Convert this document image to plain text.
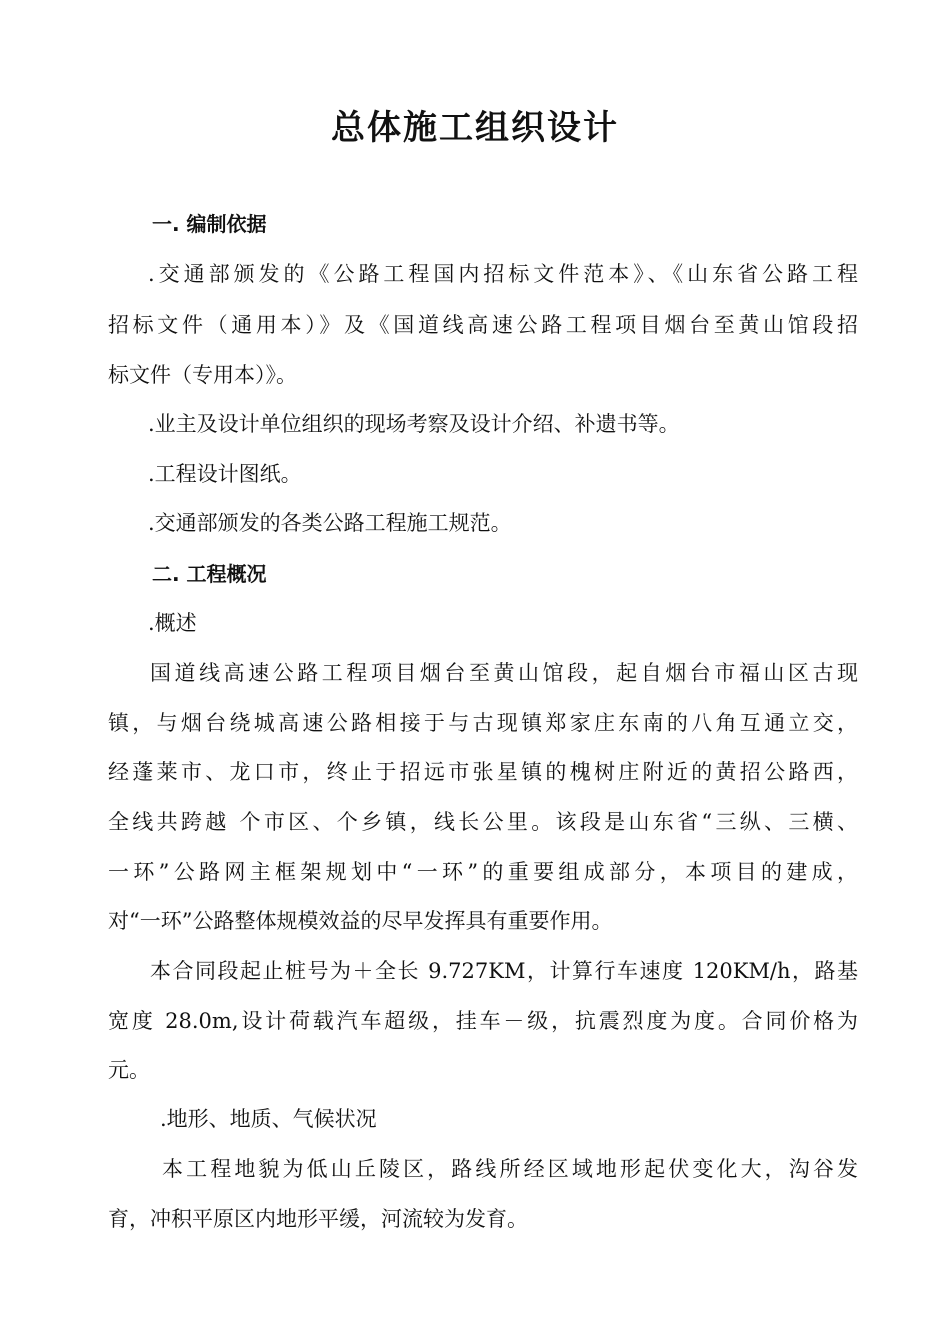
总体施工组织设计
一. 编制依据
.交通部颁发的《公路工程国内招标文件范本》、《山东省公路工程
招标文件（通用本）》及《国道线高速公路工程项目烟台至黄山馆段招
标文件（专用本）》。
.业主及设计单位组织的现场考察及设计介绍、补遗书等。
.工程设计图纸。
.交通部颁发的各类公路工程施工规范。
二. 工程概况
.概述
国道线高速公路工程项目烟台至黄山馆段，起自烟台市福山区古现
镇，与烟台绕城高速公路相接于与古现镇郑家庄东南的八角互通立交，
经蓬莱市、龙口市，终止于招远市张星镇的槐树庄附近的黄招公路西，
全线共跨越 个市区、个乡镇，线长公里。该段是山东省“三纵、三横、
一环”公路网主框架规划中“一环”的重要组成部分，本项目的建成，
对“一环”公路整体规模效益的尽早发挥具有重要作用。
本合同段起止桩号为＋全长 9.727KM，计算行车速度 120KM/h，路基
宽度 28.0m,设计荷载汽车超级，挂车－级，抗震烈度为度。合同价格为
元。
.地形、地质、气候状况
本工程地貌为低山丘陵区，路线所经区域地形起伏变化大，沟谷发
育，冲积平原区内地形平缓，河流较为发育。
